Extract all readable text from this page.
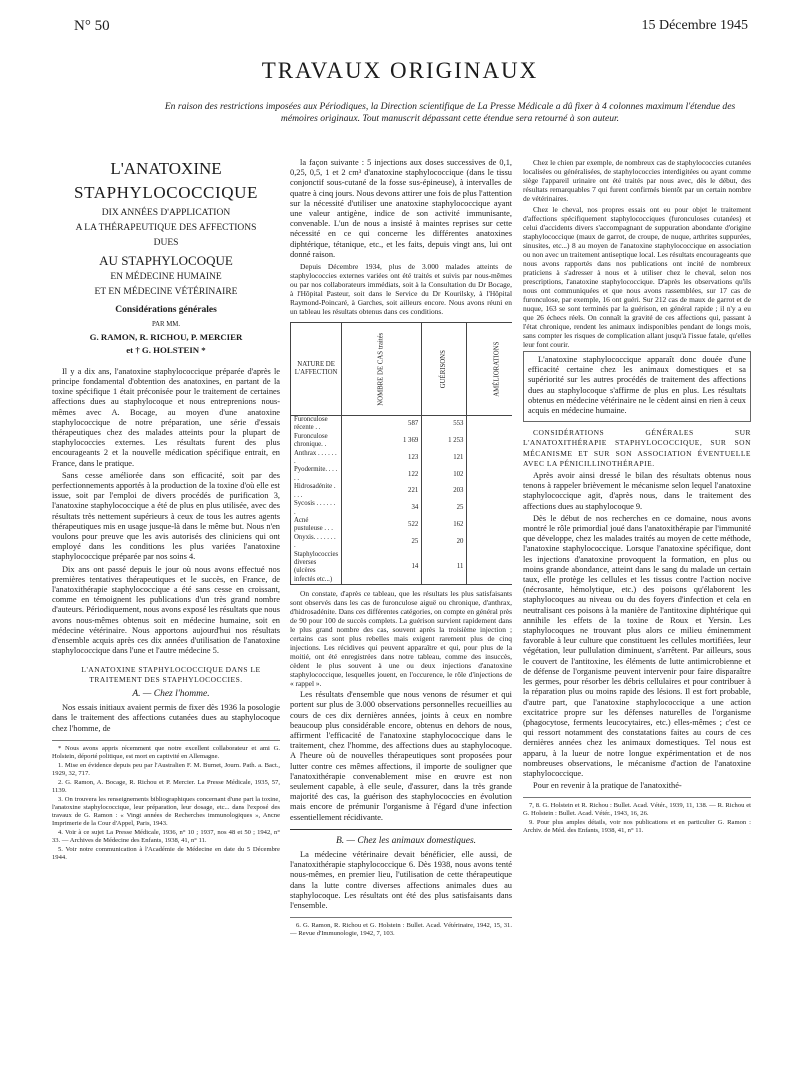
N° 50	15 Décembre 1945
TRAVAUX ORIGINAUX
En raison des restrictions imposées aux Périodiques, la Direction scientifique de La Presse Médicale a dû fixer à 4 colonnes maximum l'étendue des mémoires originaux. Tout manuscrit dépassant cette étendue sera retourné à son auteur.

L'ANATOXINE

STAPHYLOCOCCIQUE

DIX ANNÉES D'APPLICATION

A LA THÉRAPEUTIQUE DES AFFECTIONS

DUES

AU STAPHYLOCOQUE

EN MÉDECINE HUMAINE

ET EN MÉDECINE VÉTÉRINAIRE

Considérations générales

PAR MM.

G. RAMON, R. RICHOU, P. MERCIER

et † G. HOLSTEIN *

Il y a dix ans, l'anatoxine staphylococcique préparée d'après le principe fondamental d'obtention des anatoxines, en partant de la toxine spécifique 1 était préconisée pour le traitement de certaines affections dues au staphylocoque et nous entreprenions nous-mêmes avec A. Bocage, au moyen d'une anatoxine staphylococcique de notre préparation, une série d'essais thérapeutiques chez des malades atteints pour la plupart de staphylococcies externes. Les résultats furent des plus encourageants 2 et la nouvelle médication spécifique entrait, en France, dans le pratique.

Sans cesse améliorée dans son efficacité, soit par des perfectionnements apportés à la production de la toxine d'où elle est issue, soit par l'emploi de divers procédés de purification 3, l'anatoxine staphylococcique a été de plus en plus utilisée, avec des résultats très nettement supérieurs à ceux de tous les autres agents thérapeutiques mis en usage jusque-là dans le même but. Nous n'en voulons pour preuve que les avis autorisés des cliniciens qui ont employé dans les conditions les plus variées l'anatoxine staphylococcique préparée par nos soins 4.

Dix ans ont passé depuis le jour où nous avons effectué nos premières tentatives thérapeutiques et le succès, en France, de l'anatoxithérapie staphylococcique a été sans cesse en croissant, comme en témoignent les publications d'un très grand nombre d'auteurs. Périodiquement, nous avons exposé les résultats que nous avons nous-mêmes obtenus soit en médecine humaine, soit en médecine vétérinaire. Nous apportons aujourd'hui nos résultats d'ensemble acquis après ces dix années d'utilisation de l'anatoxine staphylococcique dans l'une et l'autre médecine 5.

L'ANATOXINE STAPHYLOCOCCIQUE DANS LE TRAITEMENT DES STAPHYLOCOCCIES.

A. — Chez l'homme.

Nos essais initiaux avaient permis de fixer dès 1936 la posologie dans le traitement des affections cutanées dues au staphylocoque chez l'homme, de

* Nous avons appris récemment que notre excellent collaborateur et ami G. Holstein, déporté politique, est mort en captivité en Allemagne.

1. Mise en évidence depuis peu par l'Australien F. M. Burnet, Journ. Path. a. Bact., 1929, 32, 717.

2. G. Ramon, A. Bocage, R. Richou et P. Mercier. La Presse Médicale, 1935, 57, 1139.

3. On trouvera les renseignements bibliographiques concernant d'une part la toxine, l'anatoxine staphylococcique, leur préparation, leur dosage, etc... dans l'exposé des travaux de G. Ramon : « Vingt années de Recherches immunologiques », Ancne Imprimerie de la Cour d'Appel, Paris, 1943.

4. Voir à ce sujet La Presse Médicale, 1936, n° 10 ; 1937, nos 48 et 50 ; 1942, n° 33. — Archives de Médecine des Enfants, 1938, 41, n° 11.

5. Voir notre communication à l'Académie de Médecine en date du 5 Décembre 1944.

la façon suivante : 5 injections aux doses successives de 0,1, 0,25, 0,5, 1 et 2 cm³ d'anatoxine staphylococcique (dans le tissu conjonctif sous-cutané de la fosse sus-épineuse), à intervalles de quatre à cinq jours. Nous devons attirer une fois de plus l'attention sur la nécessité d'utiliser une anatoxine staphylococcique ayant une valeur antigène, indice de son activité immunisante, convenable. L'un de nous a insisté à maintes reprises sur cette nécessité en ce qui concerne les différentes anatoxines diphtérique, tétanique, etc., et les faits, depuis vingt ans, lui ont donné raison.

Depuis Décembre 1934, plus de 3.000 malades atteints de staphylococcies externes variées ont été traités et suivis par nous-mêmes ou par nos collaborateurs immédiats, soit à la Consultation du Dr Bocage, à l'Hôpital Pasteur, soit dans le Service du Dr Kourilsky, à l'Hôpital Raymond-Poincaré, à Garches, soit ailleurs encore. Nous avons réuni en un tableau les résultats obtenus dans ces conditions.

NATURE DE L'AFFECTION	NOMBRE DE CAS traités	GUÉRISONS	AMÉLIORATIONS	
Furonculose récente . .	587	553		
Furonculose chronique. .	1 369	1 253		
Anthrax . . . . . . .	123	121		
Pyodermite. . . . . .	122	102		
Hidrosadénite . . . .	221	203		
Sycosis . . . . . . .	34	25		
Acné pustuleuse . . .	522	162		
Onyxis. . . . . . . .	25	20		
Staphylococcies diverses (ulcères infectés etc...)	14	11		

On constate, d'après ce tableau, que les résultats les plus satisfaisants sont observés dans les cas de furonculose aiguë ou chronique, d'anthrax, d'hidrosadénite. Dans ces différentes catégories, on compte en général près de 90 pour 100 de succès complets. La guérison survient rapidement dans le plus grand nombre des cas, souvent après la troisième injection ; certains cas sont plus rebelles mais exigent rarement plus de cinq injections. Les récidives qui peuvent apparaître et qui, pour plus de la moitié, ont été enregistrées dans notre tableau, comme des insuccès, cèdent le plus souvent à une ou deux injections d'anatoxine staphylococcique, lesquelles jouent, en l'occurence, le rôle d'injections de « rappel ».

Les résultats d'ensemble que nous venons de résumer et qui portent sur plus de 3.000 observations personnelles recueillies au cours de ces dix dernières années, joints à ceux en nombre beaucoup plus considérable encore, obtenus en dehors de nous, affirment l'efficacité de l'anatoxine staphylococcique dans le traitement, chez l'homme, des affections dues au staphylocoque. A l'heure où de nouvelles thérapeutiques sont proposées pour lutter contre ces mêmes affections, il importe de souligner que l'anatoxithérapie convenablement mise en œuvre est non seulement capable, à elle seule, d'assurer, dans la très grande majorité des cas, la guérison des staphylococcies en évolution mais encore de prémunir l'organisme à l'égard d'une infection essentiellement récidivante.

B. — Chez les animaux domestiques.

La médecine vétérinaire devait bénéficier, elle aussi, de l'anatoxithérapie staphylococcique 6. Dès 1938, nous avons tenté nous-mêmes, en premier lieu, l'utilisation de cette thérapeutique dans la lutte contre diverses affections animales dues au staphylocoque. Les résultats ont été des plus satisfaisants dans l'ensemble.

6. G. Ramon, R. Richou et G. Holstein : Bullet. Acad. Vétérinaire, 1942, 15, 31. — Revue d'Immunologie, 1942, 7, 103.

Chez le chien par exemple, de nombreux cas de staphylococcies cutanées localisées ou généralisées, de staphylococcies interdigitées ou ayant comme siège l'appareil urinaire ont été traités par nous avec, dès le début, des résultats remarquables 7 qui furent confirmés bientôt par un certain nombre de vétérinaires.

Chez le cheval, nos propres essais ont eu pour objet le traitement d'affections spécifiquement staphylococciques (furonculoses cutanées) et celui d'accidents divers s'accompagnant de suppuration abondante d'origine staphylococcique (maux de garrot, de croupe, de nuque, arthrites suppurées, sinusites, etc...) 8 au moyen de l'anatoxine staphylococcique en association ou non avec un traitement antiseptique local. Les résultats encourageants que nous avons rapportés dans nos publications ont incité de nombreux praticiens à s'adresser à nous et à utiliser chez le cheval, selon nos prescriptions, l'anatoxine staphylococcique. D'après les observations qu'ils nous ont communiquées et que nous avons rassemblées, sur 17 cas de furonculose, par exemple, 16 ont guéri. Sur 212 cas de maux de garrot et de nuque, 163 se sont terminés par la guérison, en général rapide ; il n'y a eu que 26 échecs réels. On connaît la gravité de ces affections qui, passant à l'état chronique, rendent les animaux indisponibles pendant de longs mois, sans compter les risques de complication allant jusqu'à l'issue fatale, qu'elles leur font courir.

L'anatoxine staphylococcique apparaît donc douée d'une efficacité certaine chez les animaux domestiques et sa supériorité sur les autres procédés de traitement des affections dues au staphylocoque s'affirme de plus en plus. Les résultats obtenus en médecine vétérinaire ne le cèdent ainsi en rien à ceux acquis en médecine humaine.

CONSIDÉRATIONS GÉNÉRALES SUR L'ANATOXITHÉRAPIE STAPHYLOCOCCIQUE, SUR SON MÉCANISME ET SUR SON ASSOCIATION ÉVENTUELLE AVEC LA PÉNICILLINOTHÉRAPIE.

Après avoir ainsi dressé le bilan des résultats obtenus nous tenons à rappeler brièvement le mécanisme selon lequel l'anatoxine staphylococcique agit, d'après nous, dans le traitement des affections dues au staphylocoque 9.

Dès le début de nos recherches en ce domaine, nous avons montré le rôle primordial joué dans l'anatoxithérapie par l'immunité que développe, chez les malades traités au moyen de cette méthode, l'anatoxine staphylococcique. Lorsque l'anatoxine spécifique, dont les injections d'anatoxine provoquent la formation, en plus ou moins grande abondance, atteint dans le sang du malade un certain taux, elle protège les cellules et les tissus contre l'action nocive (nécrosante, hémolytique, etc.) des poisons qu'élaborent les staphylocoques au niveau ou du des foyers d'infection et cela en neutralisant ces poisons à la manière de l'antitoxine diphtérique qui annihile les effets de la toxine de Roux et Yersin. Les staphylocoques ne trouvant plus alors ce milieu éminemment favorable à leur culture que constituent les cellules mortifiées, leur végétation, leur pullulation diminuent, s'arrêtent. Par ailleurs, sous le couvert de l'antitoxine, les éléments de lutte antimicrobienne et de défense de l'organisme peuvent intervenir pour faire disparaître les germes, pour résorber les débris cellulaires et pour contribuer à la réparation plus ou moins rapide des lésions. Il est fort probable, d'autre part, que l'anatoxine staphylococcique a une action excitatrice propre sur les défenses naturelles de l'organisme (phagocytose, ferments leucocytaires, etc.) elles-mêmes ; c'est ce qui ressort notamment des constatations faites au cours de ces dernières années chez les animaux domestiques. Tel nous est apparu, à la lueur de notre longue expérimentation et de nos nombreuses observations, le mécanisme d'action de l'anatoxine staphylococcique.

Pour en revenir à la pratique de l'anatoxithé-

7, 8. G. Holstein et R. Richou : Bullet. Acad. Vétér., 1939, 11, 138. — R. Richou et G. Holstein : Bullet. Acad. Vétér., 1943, 16, 26.

9. Pour plus amples détails, voir nos publications et en particulier G. Ramon : Archiv. de Méd. des Enfants, 1938, 41, n° 11.
